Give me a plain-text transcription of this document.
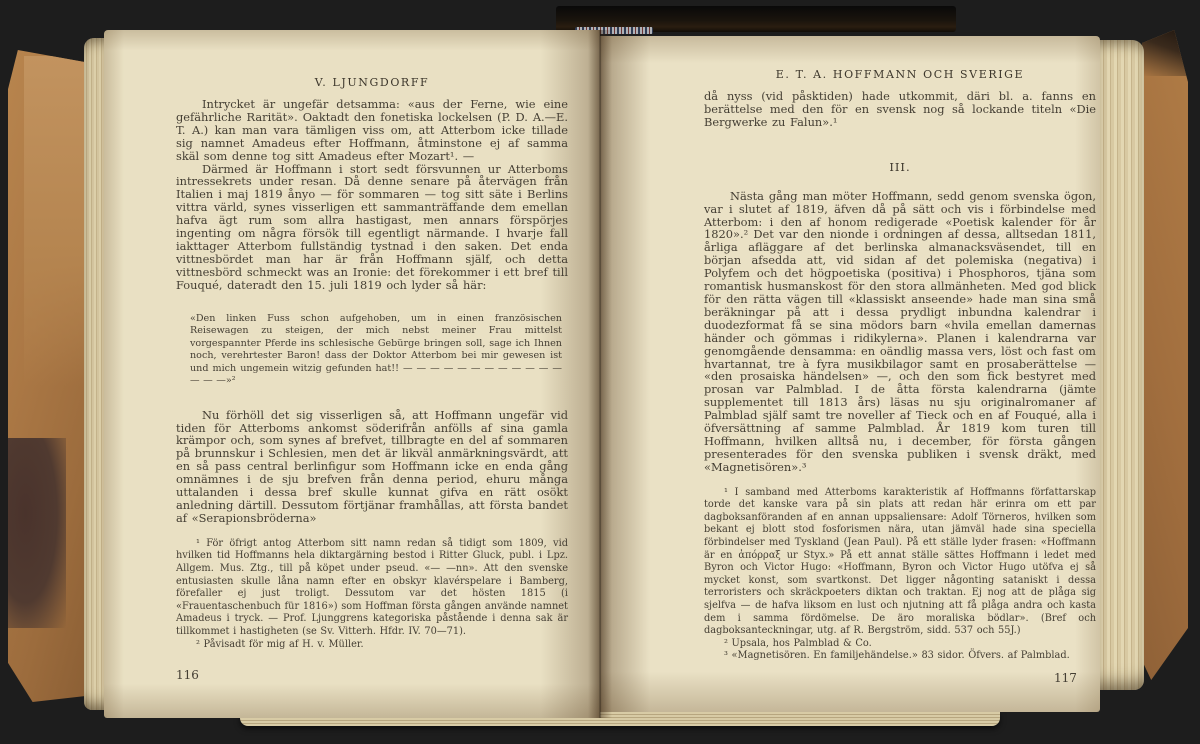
V. LJUNGDORFF

Intrycket är ungefär detsamma: «aus der Ferne, wie eine gefährliche Rarität». Oaktadt den fonetiska lockelsen (P. D. A.—E. T. A.) kan man vara tämligen viss om, att Atterbom icke tillade sig namnet Amadeus efter Hoffmann, åtminstone ej af samma skäl som denne tog sitt Amadeus efter Mozart¹. —

Därmed är Hoffmann i stort sedt försvunnen ur Atterboms intressekrets under resan. Då denne senare på återvägen från Italien i maj 1819 ånyo — för sommaren — tog sitt säte i Berlins vittra värld, synes visserligen ett sammanträffande dem emellan hafva ägt rum som allra hastigast, men annars förspörjes ingenting om några försök till egentligt närmande. I hvarje fall iakttager Atterbom fullständig tystnad i den saken. Det enda vittnesbördet man har är från Hoffmann själf, och detta vittnesbörd schmeckt was an Ironie: det förekommer i ett bref till Fouqué, dateradt den 15. juli 1819 och lyder så här:

«Den linken Fuss schon aufgehoben, um in einen französischen Reisewagen zu steigen, der mich nebst meiner Frau mittelst vorgespannter Pferde ins schlesische Gebürge bringen soll, sage ich Ihnen noch, verehrtester Baron! dass der Doktor Atterbom bei mir gewesen ist und mich ungemein witzig gefunden hat!! — — — — — — — — — — — — — — —»²

Nu förhöll det sig visserligen så, att Hoffmann ungefär vid tiden för Atterboms ankomst söderifrån anfölls af sina gamla krämpor och, som synes af brefvet, tillbragte en del af sommaren på brunnskur i Schlesien, men det är likväl anmärkningsvärdt, att en så pass central berlinfigur som Hoffmann icke en enda gång omnämnes i de sju brefven från denna period, ehuru många uttalanden i dessa bref skulle kunnat gifva en rätt osökt anledning därtill. Dessutom förtjänar framhållas, att första bandet af «Serapionsbröderna»

¹ För öfrigt antog Atterbom sitt namn redan så tidigt som 1809, vid hvilken tid Hoffmanns hela diktargärning bestod i Ritter Gluck, publ. i Lpz. Allgem. Mus. Ztg., till på köpet under pseud. «— —nn». Att den svenske entusiasten skulle låna namn efter en obskyr klavérspelare i Bamberg, förefaller ej just troligt. Dessutom var det hösten 1815 (i «Frauentaschenbuch für 1816») som Hoffman första gången använde namnet Amadeus i tryck. — Prof. Ljunggrens kategoriska påstående i denna sak är tillkommet i hastigheten (se Sv. Vitterh. Hfdr. IV. 70—71).

² Påvisadt för mig af H. v. Müller.

E. T. A. HOFFMANN OCH SVERIGE

då nyss (vid påsktiden) hade utkommit, däri bl. a. fanns en berättelse med den för en svensk nog så lockande titeln «Die Bergwerke zu Falun».¹

III.

Nästa gång man möter Hoffmann, sedd genom svenska ögon, var i slutet af 1819, äfven då på sätt och vis i förbindelse med Atterbom: i den af honom redigerade «Poetisk kalender för år 1820».² Det var den nionde i ordningen af dessa, alltsedan 1811, årliga afläggare af det berlinska almanacksväsendet, till en början afsedda att, vid sidan af det polemiska (negativa) i Polyfem och det högpoetiska (positiva) i Phosphoros, tjäna som romantisk husmanskost för den stora allmänheten. Med god blick för den rätta vägen till «klassiskt anseende» hade man sina små beräkningar på att i dessa prydligt inbundna kalendrar i duodezformat få se sina mödors barn «hvila emellan damernas händer och gömmas i ridikylerna». Planen i kalendrarna var genomgående densamma: en oändlig massa vers, löst och fast om hvartannat, tre à fyra musikbilagor samt en prosaberättelse — «den prosaiska händelsen» —, och den som fick bestyret med prosan var Palmblad. I de åtta första kalendrarna (jämte supplementet till 1813 års) läsas nu sju originalromaner af Palmblad själf samt tre noveller af Tieck och en af Fouqué, alla i öfversättning af samme Palmblad. År 1819 kom turen till Hoffmann, hvilken alltså nu, i december, för första gången presenterades för den svenska publiken i svensk dräkt, med «Magnetisören».³

¹ I samband med Atterboms karakteristik af Hoffmanns författarskap torde det kanske vara på sin plats att redan här erinra om ett par dagboksanföranden af en annan uppsaliensare: Adolf Törneros, hvilken som bekant ej blott stod fosforismen nära, utan jämväl hade sina speciella förbindelser med Tyskland (Jean Paul). På ett ställe lyder frasen: «Hoffmann är en ἀπόρραξ ur Styx.» På ett annat ställe sättes Hoffmann i ledet med Byron och Victor Hugo: «Hoffmann, Byron och Victor Hugo utöfva ej så mycket konst, som svartkonst. Det ligger någonting sataniskt i dessa terroristers och skräckpoeters diktan och traktan. Ej nog att de plåga sig sjelfva — de hafva liksom en lust och njutning att få plåga andra och kasta dem i samma fördömelse. De äro moraliska bödlar». (Bref och dagboksanteckningar, utg. af R. Bergström, sidd. 537 och 55J.)

² Upsala, hos Palmblad & Co.

³ «Magnetisören. En familjehändelse.» 83 sidor. Öfvers. af Palmblad.

116	117
